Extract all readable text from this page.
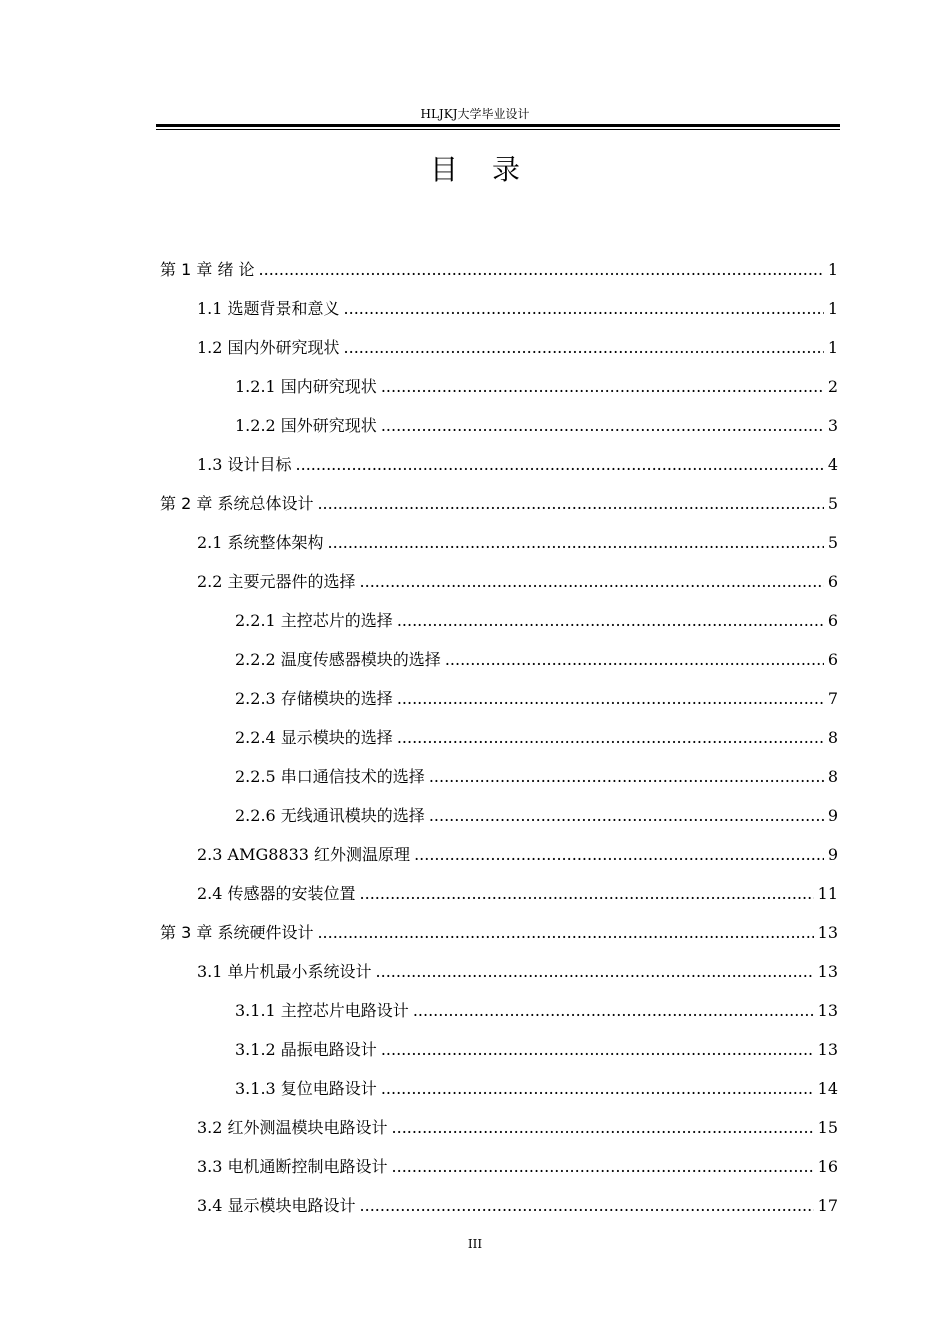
HLJKJ大学毕业设计
目录
第 1 章 绪 论 .....	1
1.1 选题背景和意义 .....	1
1.2 国内外研究现状 .....	1
1.2.1 国内研究现状 .....	2
1.2.2 国外研究现状 .....	3
1.3 设计目标 .....	4
第 2 章 系统总体设计 .....	5
2.1 系统整体架构 .....	5
2.2 主要元器件的选择 .....	6
2.2.1 主控芯片的选择 .....	6
2.2.2 温度传感器模块的选择 .....	6
2.2.3 存储模块的选择 .....	7
2.2.4 显示模块的选择 .....	8
2.2.5 串口通信技术的选择 .....	8
2.2.6 无线通讯模块的选择 .....	9
2.3 AMG8833 红外测温原理 .....	9
2.4 传感器的安装位置 .....	11
第 3 章 系统硬件设计 .....	13
3.1 单片机最小系统设计 .....	13
3.1.1 主控芯片电路设计 .....	13
3.1.2 晶振电路设计 .....	13
3.1.3 复位电路设计 .....	14
3.2 红外测温模块电路设计 .....	15
3.3 电机通断控制电路设计 .....	16
3.4 显示模块电路设计 .....	17
III
